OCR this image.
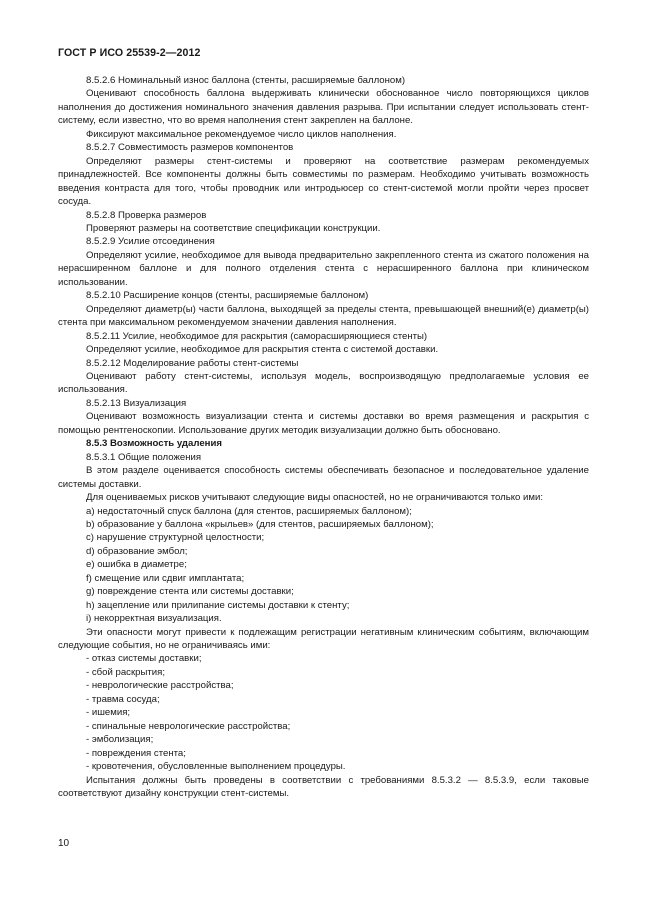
ГОСТ Р ИСО 25539-2—2012

8.5.2.6 Номинальный износ баллона (стенты, расширяемые баллоном)

Оценивают способность баллона выдерживать клинически обоснованное число повторяющихся циклов наполнения до достижения номинального значения давления разрыва. При испытании следует использовать стент-систему, если известно, что во время наполнения стент закреплен на баллоне.

Фиксируют максимальное рекомендуемое число циклов наполнения.

8.5.2.7 Совместимость размеров компонентов

Определяют размеры стент-системы и проверяют на соответствие размерам рекомендуемых принадлежностей. Все компоненты должны быть совместимы по размерам. Необходимо учитывать возможность введения контраста для того, чтобы проводник или интродьюсер со стент-системой могли пройти через просвет сосуда.

8.5.2.8 Проверка размеров

Проверяют размеры на соответствие спецификации конструкции.

8.5.2.9 Усилие отсоединения

Определяют усилие, необходимое для вывода предварительно закрепленного стента из сжатого положения на нерасширенном баллоне и для полного отделения стента с нерасширенного баллона при клиническом использовании.

8.5.2.10 Расширение концов (стенты, расширяемые баллоном)

Определяют диаметр(ы) части баллона, выходящей за пределы стента, превышающей внешний(е) диаметр(ы) стента при максимальном рекомендуемом значении давления наполнения.

8.5.2.11 Усилие, необходимое для раскрытия (саморасширяющиеся стенты)

Определяют усилие, необходимое для раскрытия стента с системой доставки.

8.5.2.12 Моделирование работы стент-системы

Оценивают работу стент-системы, используя модель, воспроизводящую предполагаемые условия ее использования.

8.5.2.13 Визуализация

Оценивают возможность визуализации стента и системы доставки во время размещения и раскрытия с помощью рентгеноскопии. Использование других методик визуализации должно быть обосновано.

8.5.3 Возможность удаления

8.5.3.1 Общие положения

В этом разделе оценивается способность системы обеспечивать безопасное и последовательное удаление системы доставки.

Для оцениваемых рисков учитывают следующие виды опасностей, но не ограничиваются только ими:

a) недостаточный спуск баллона (для стентов, расширяемых баллоном);

b) образование у баллона «крыльев» (для стентов, расширяемых баллоном);

c) нарушение структурной целостности;

d) образование эмбол;

e) ошибка в диаметре;

f) смещение или сдвиг имплантата;

g) повреждение стента или системы доставки;

h) зацепление или прилипание системы доставки к стенту;

i) некорректная визуализация.

Эти опасности могут привести к подлежащим регистрации негативным клиническим событиям, включающим следующие события, но не ограничиваясь ими:

- отказ системы доставки;

- сбой раскрытия;

- неврологические расстройства;

- травма сосуда;

- ишемия;

- спинальные неврологические расстройства;

- эмболизация;

- повреждения стента;

- кровотечения, обусловленные выполнением процедуры.

Испытания должны быть проведены в соответствии с требованиями 8.5.3.2 — 8.5.3.9, если таковые соответствуют дизайну конструкции стент-системы.

10
